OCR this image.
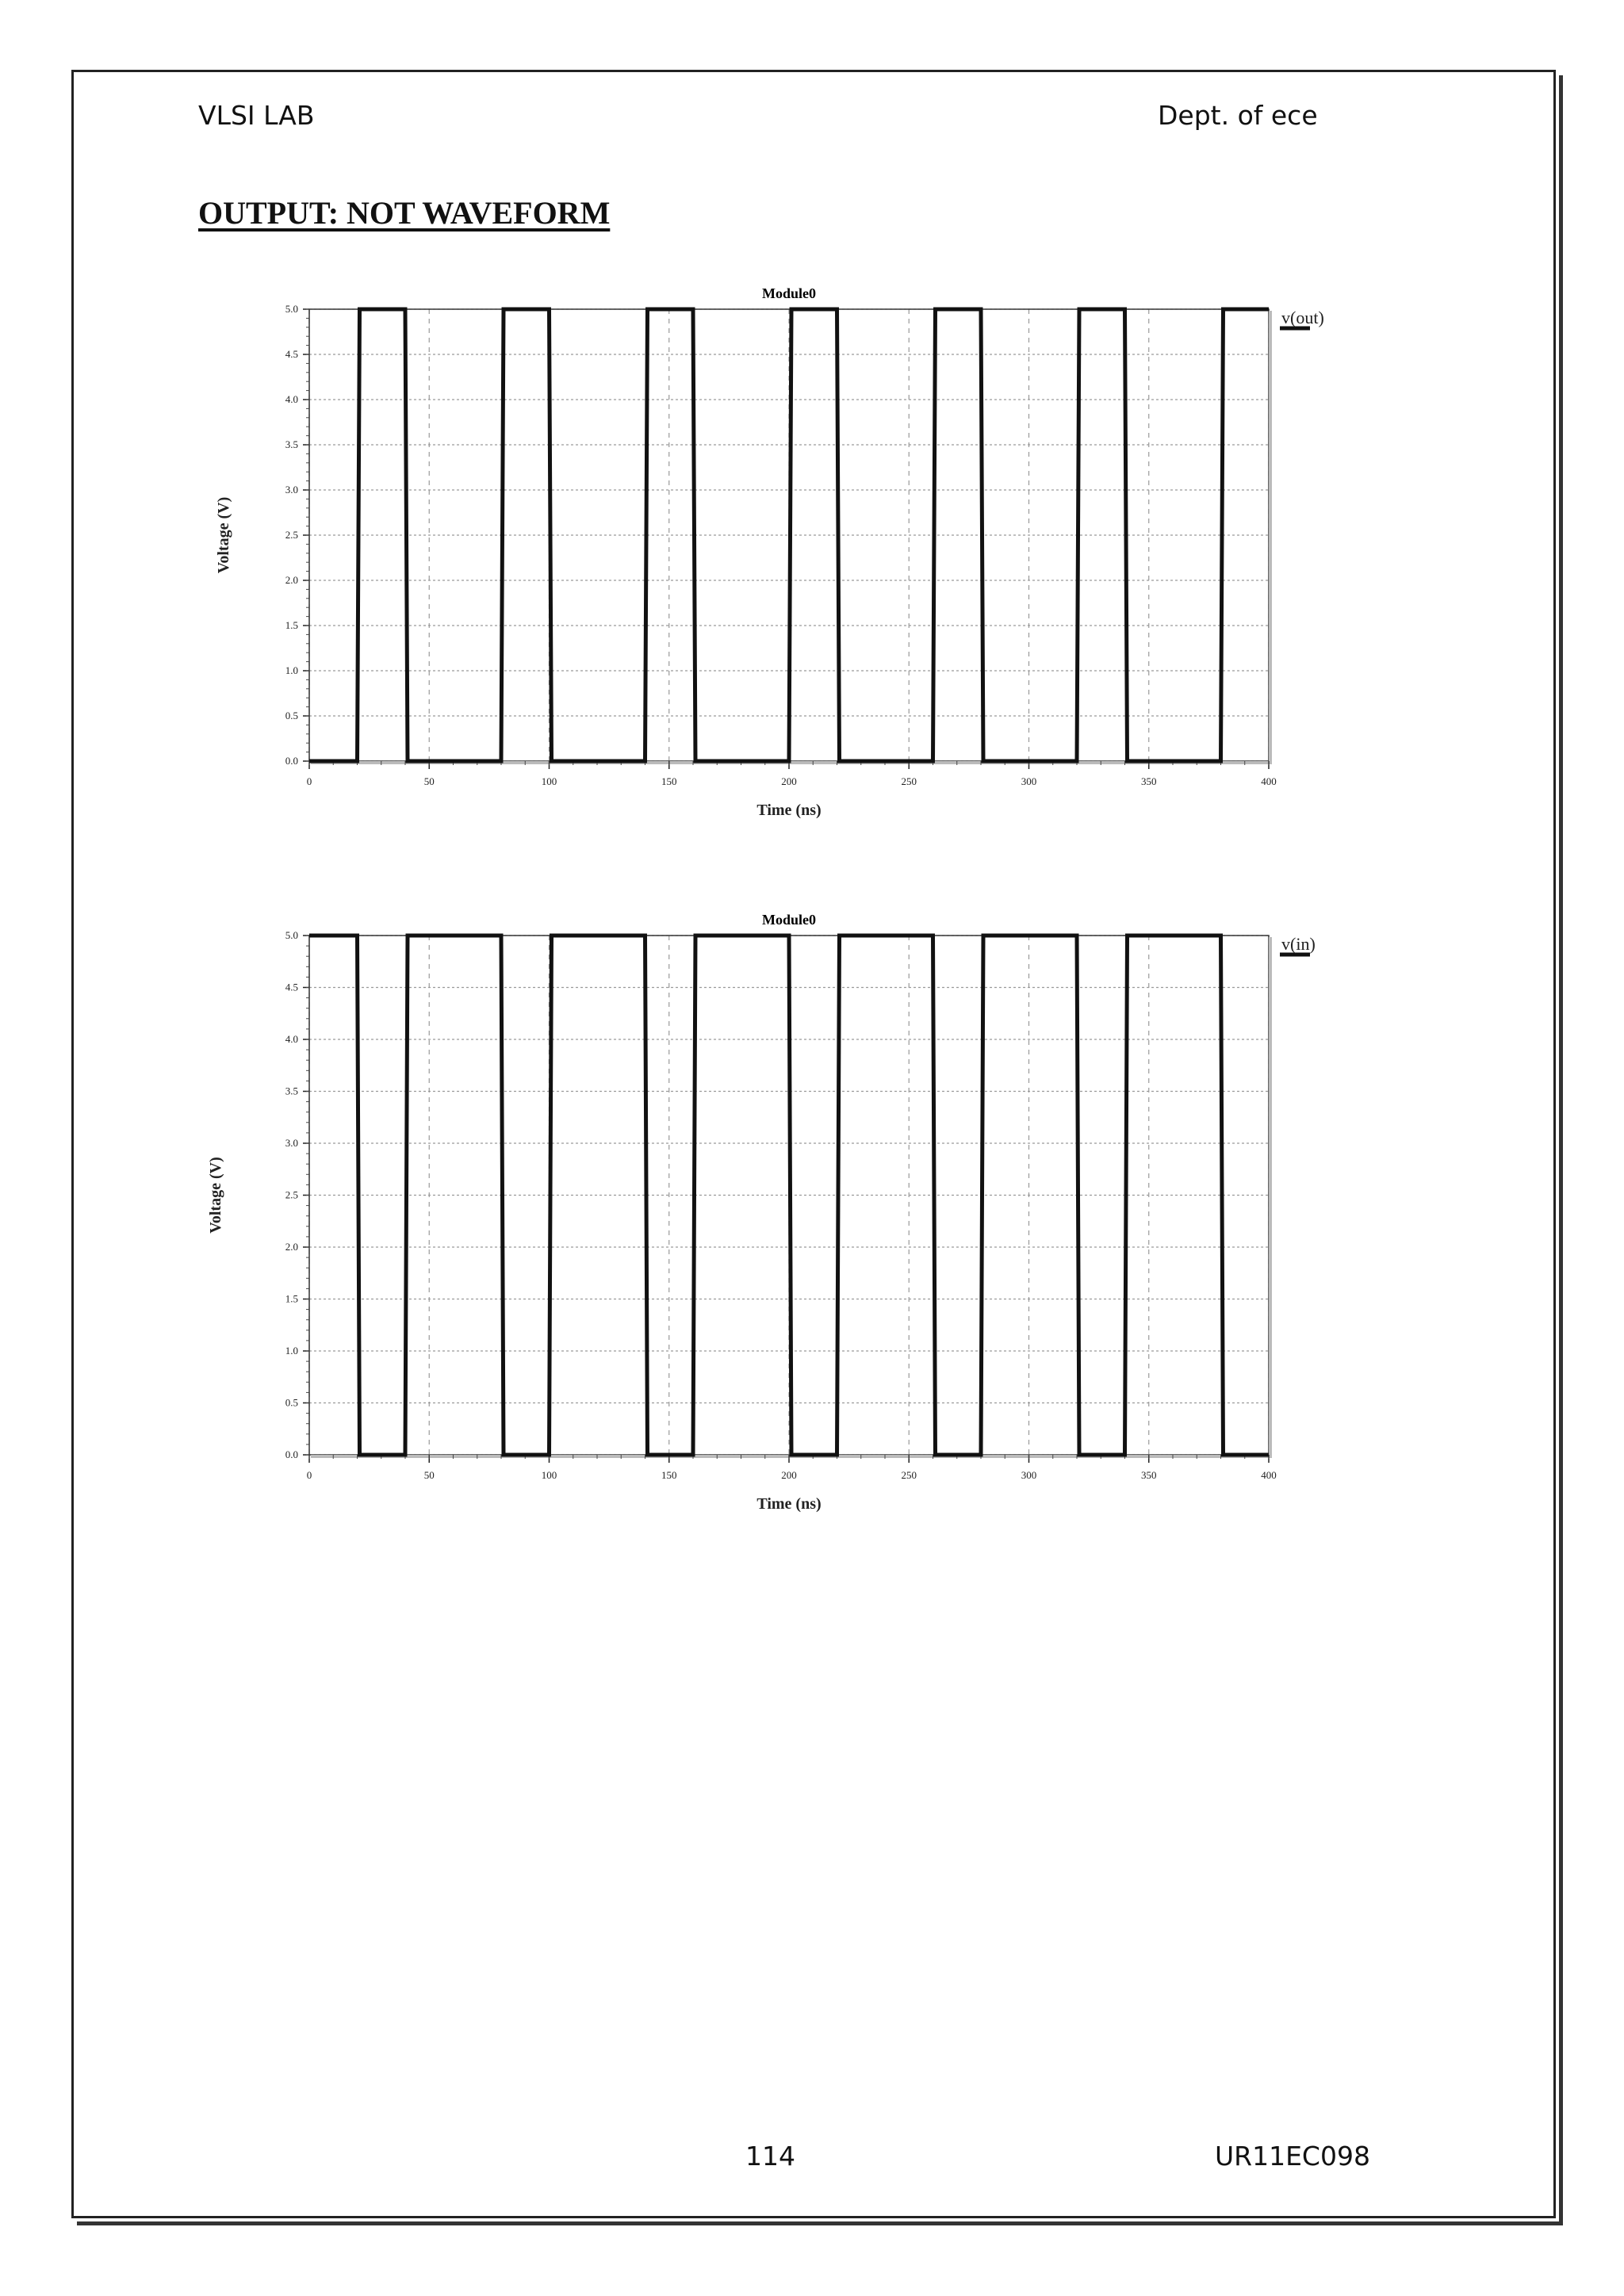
VLSI LAB	Dept. of ece
OUTPUT: NOT WAVEFORM
Module0
0.0
0.5
1.0
1.5
2.0
2.5
3.0
3.5
4.0
4.5
5.0
0	50	100	150	200	250	300	350	400
Time (ns)
Voltage (V)
v(out)
Module0
0.0
0.5
1.0
1.5
2.0
2.5
3.0
3.5
4.0
4.5
5.0
0	50	100	150	200	250	300	350	400
Time (ns)
Voltage (V)
v(in)
114	UR11EC098
